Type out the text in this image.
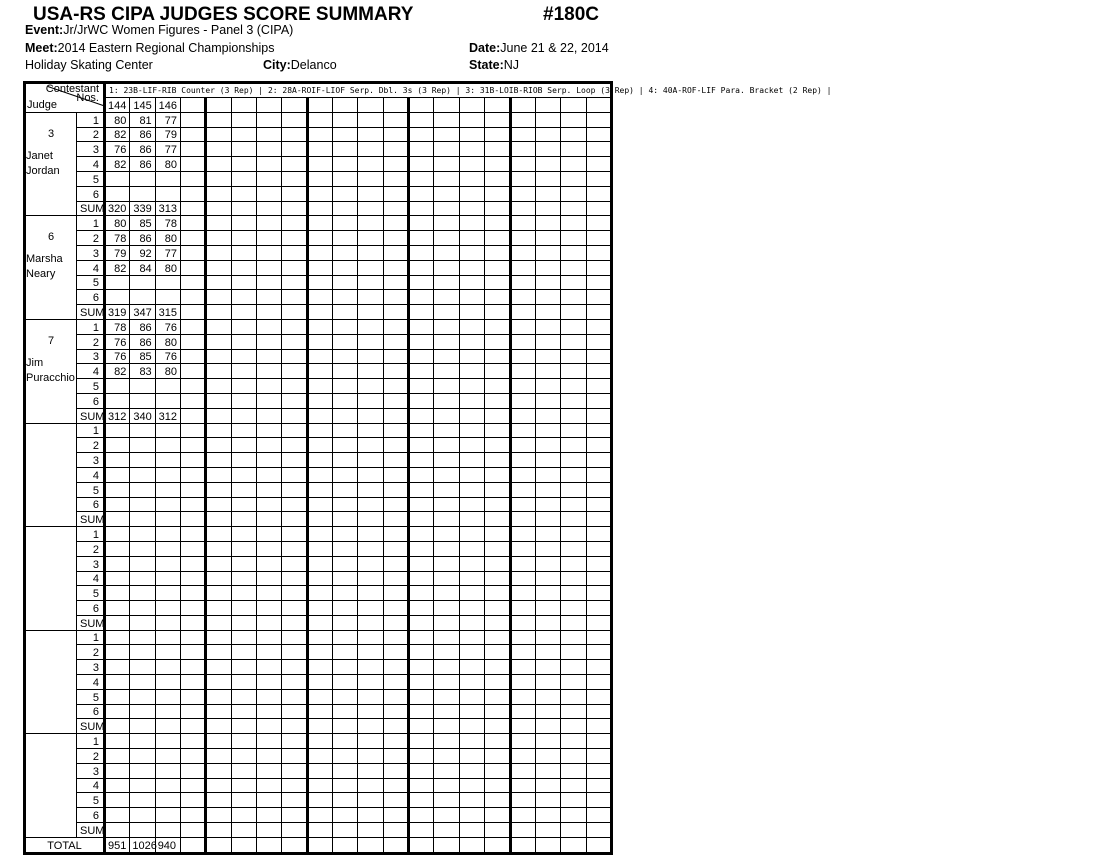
USA-RS CIPA JUDGES SCORE SUMMARY	#180C
Event:Jr/JrWC Women Figures - Panel 3 (CIPA)
Meet:2014 Eastern Regional Championships	Date:June 21 & 22, 2014
Holiday Skating Center	City:Delanco	State:NJ
Contestant
Nos.
Judge		1: 23B-LIF-RIB Counter (3 Rep) | 2: 28A-ROIF-LIOF Serp. Dbl. 3s (3 Rep) | 3: 31B-LOIB-RIOB Serp. Loop (3 Rep) | 4: 40A-ROF-LIF Para. Bracket (2 Rep) |																			
		144	145	146																	

3
Janet
Jordan	1	80	81	77																	
	2	82	86	79																	
	3	76	86	77																	
	4	82	86	80																	
	5																				
	6																				
	SUM	320	339	313																	

6
Marsha
Neary	1	80	85	78																	
	2	78	86	80																	
	3	79	92	77																	
	4	82	84	80																	
	5																				
	6																				
	SUM	319	347	315																	

7
Jim
Puracchio	1	78	86	76																	
	2	76	86	80																	
	3	76	85	76																	
	4	82	83	80																	
	5																				
	6																				
	SUM	312	340	312																	

	1																				
	2																				
	3																				
	4																				
	5																				
	6																				
	SUM																				

	1																				
	2																				
	3																				
	4																				
	5																				
	6																				
	SUM																				

	1																				
	2																				
	3																				
	4																				
	5																				
	6																				
	SUM																				

	1																				
	2																				
	3																				
	4																				
	5																				
	6																				
	SUM																				
TOTAL		951	1026	940																	
